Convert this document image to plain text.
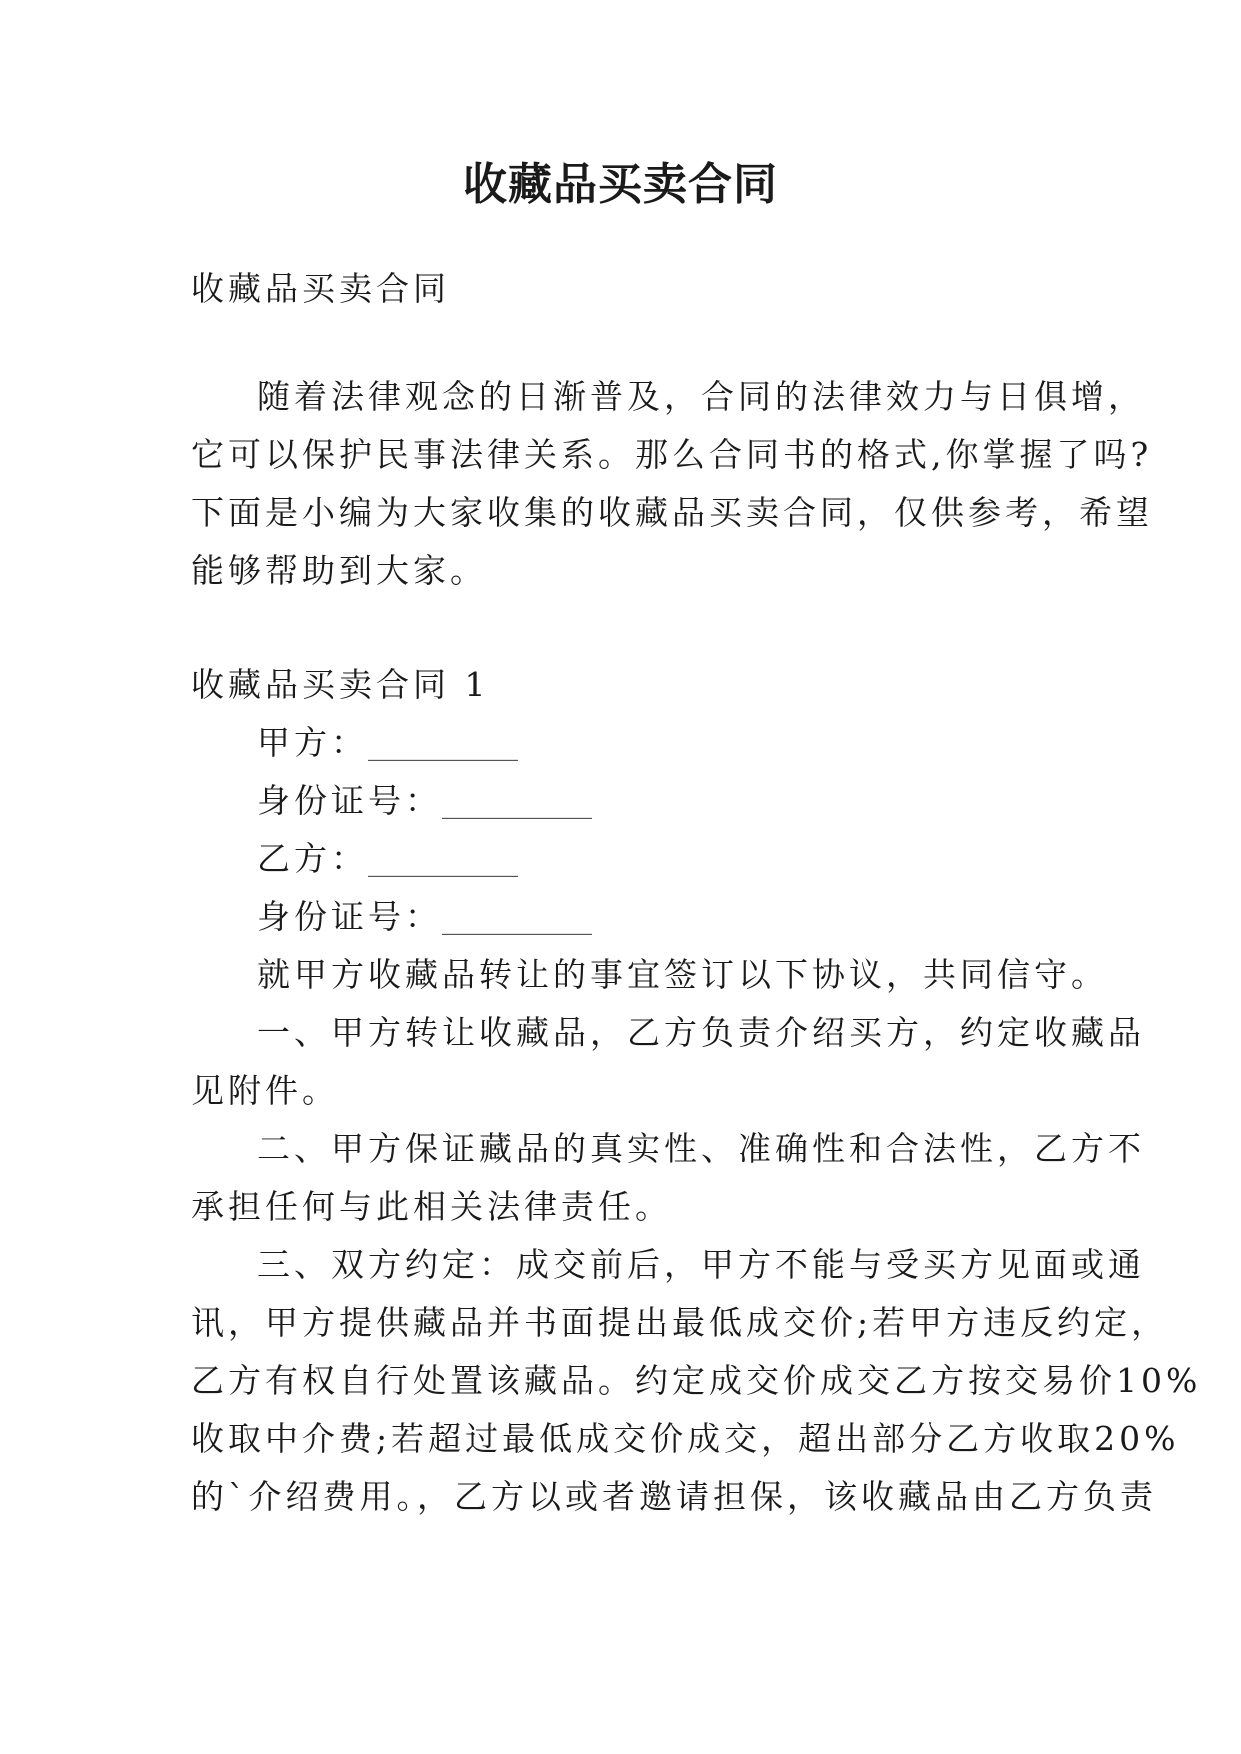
收藏品买卖合同
收藏品买卖合同
随着法律观念的日渐普及，合同的法律效力与日俱增，
它可以保护民事法律关系。那么合同书的格式,你掌握了吗?
下面是小编为大家收集的收藏品买卖合同，仅供参考，希望
能够帮助到大家。
收藏品买卖合同 1
甲方：__________
身份证号：__________
乙方：__________
身份证号：__________
就甲方收藏品转让的事宜签订以下协议，共同信守。
一、甲方转让收藏品，乙方负责介绍买方，约定收藏品
见附件。
二、甲方保证藏品的真实性、准确性和合法性，乙方不
承担任何与此相关法律责任。
三、双方约定：成交前后，甲方不能与受买方见面或通
讯，甲方提供藏品并书面提出最低成交价;若甲方违反约定，
乙方有权自行处置该藏品。约定成交价成交乙方按交易价10%
收取中介费;若超过最低成交价成交，超出部分乙方收取20%
的`介绍费用。，乙方以或者邀请担保，该收藏品由乙方负责
